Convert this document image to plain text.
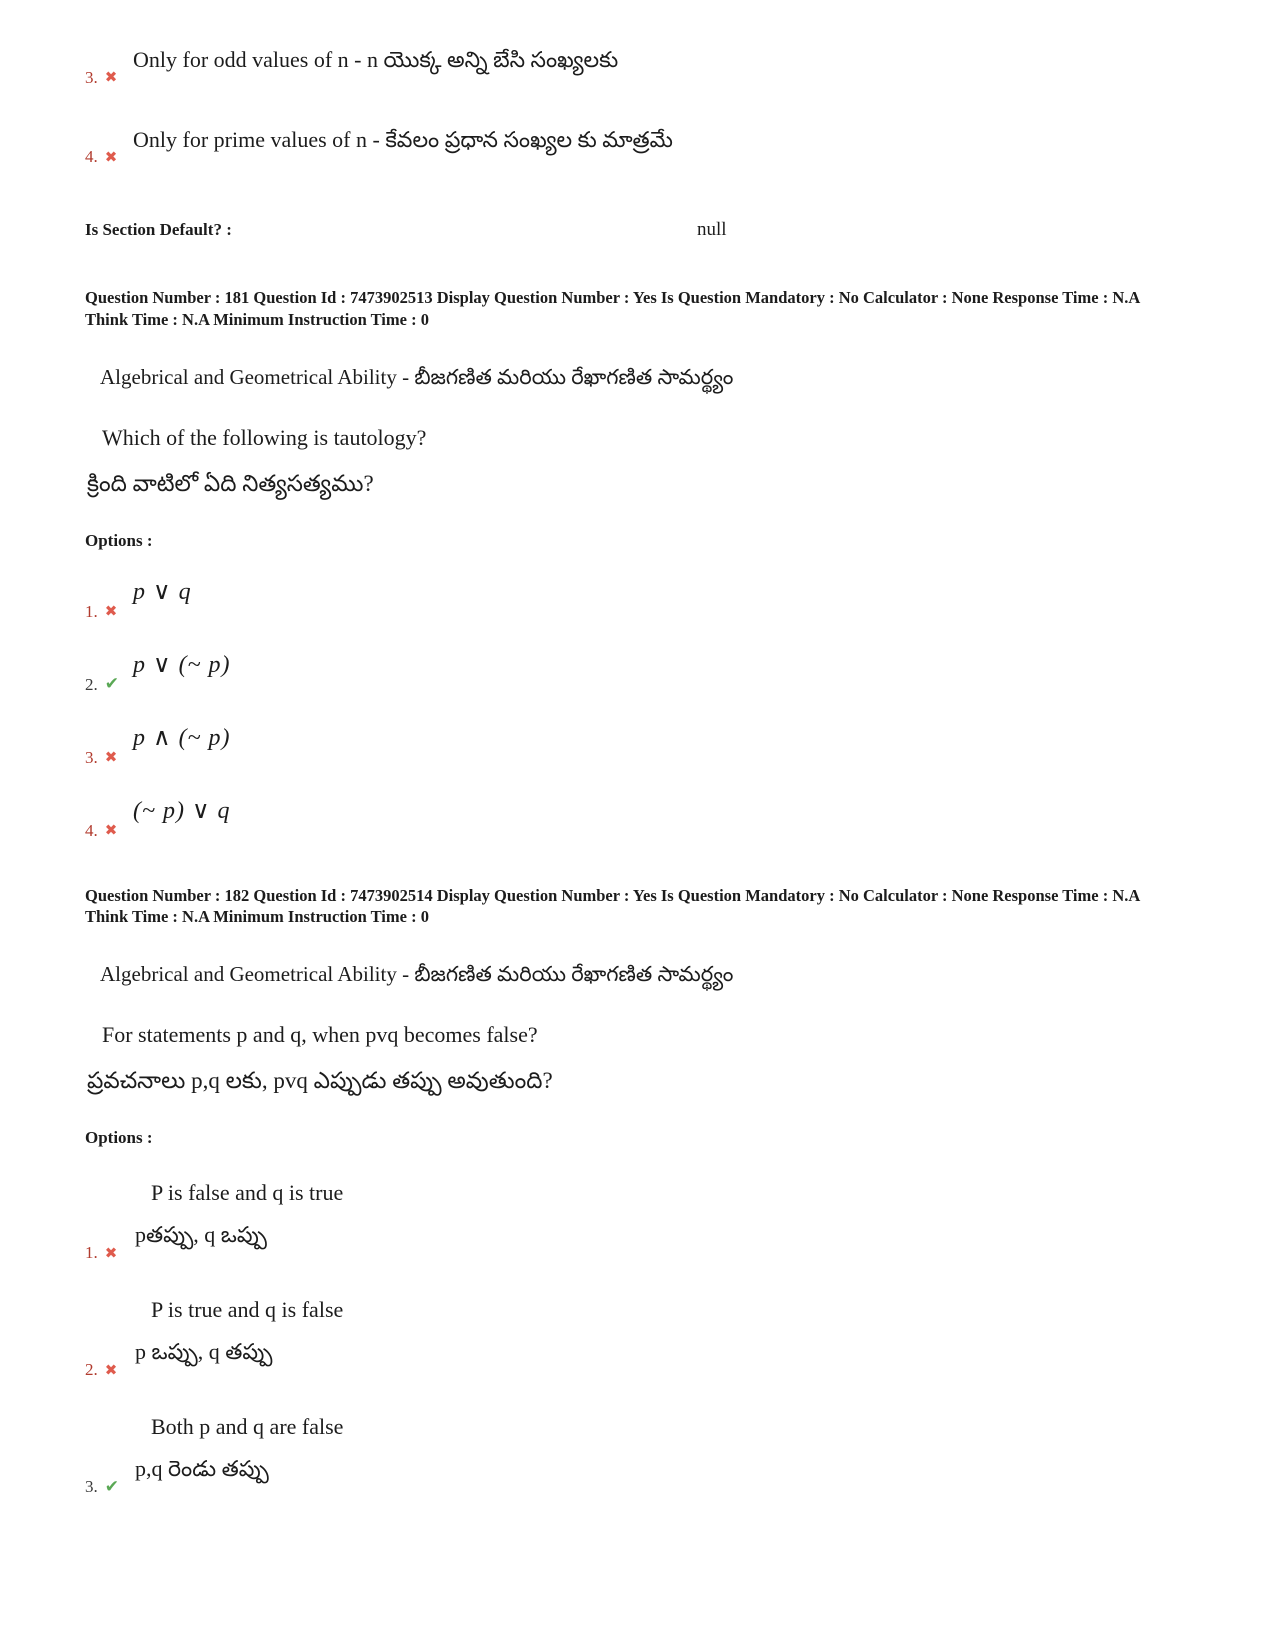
3. ✖
Only for odd values of n - n యొక్క అన్ని బేసి సంఖ్యలకు
4. ✖
Only for prime values of n - కేవలం ప్రధాన సంఖ్యల కు మాత్రమే
Is Section Default? :	null

Question Number : 181 Question Id : 7473902513 Display Question Number : Yes Is Question Mandatory : No Calculator : None Response Time : N.A Think Time : N.A Minimum Instruction Time : 0

Algebrical and Geometrical Ability - బీజగణిత మరియు రేఖాగణిత సామర్థ్యం

Which of the following is tautology?

క్రింది వాటిలో ఏది నిత్యసత్యము?

Options :

1. ✖
p ∨ q
2. ✔
p ∨ (~ p)
3. ✖
p ∧ (~ p)
4. ✖
(~ p) ∨ q

Question Number : 182 Question Id : 7473902514 Display Question Number : Yes Is Question Mandatory : No Calculator : None Response Time : N.A Think Time : N.A Minimum Instruction Time : 0

Algebrical and Geometrical Ability - బీజగణిత మరియు రేఖాగణిత సామర్థ్యం

For statements p and q, when pvq becomes false?

ప్రవచనాలు p,q లకు, pvq ఎప్పుడు తప్పు అవుతుంది?

Options :

1. ✖
P is false and q is true
pతప్పు, q ఒప్పు
2. ✖
P is true and q is false
p ఒప్పు, q తప్పు
3. ✔
Both p and q are false
p,q రెండు తప్పు
